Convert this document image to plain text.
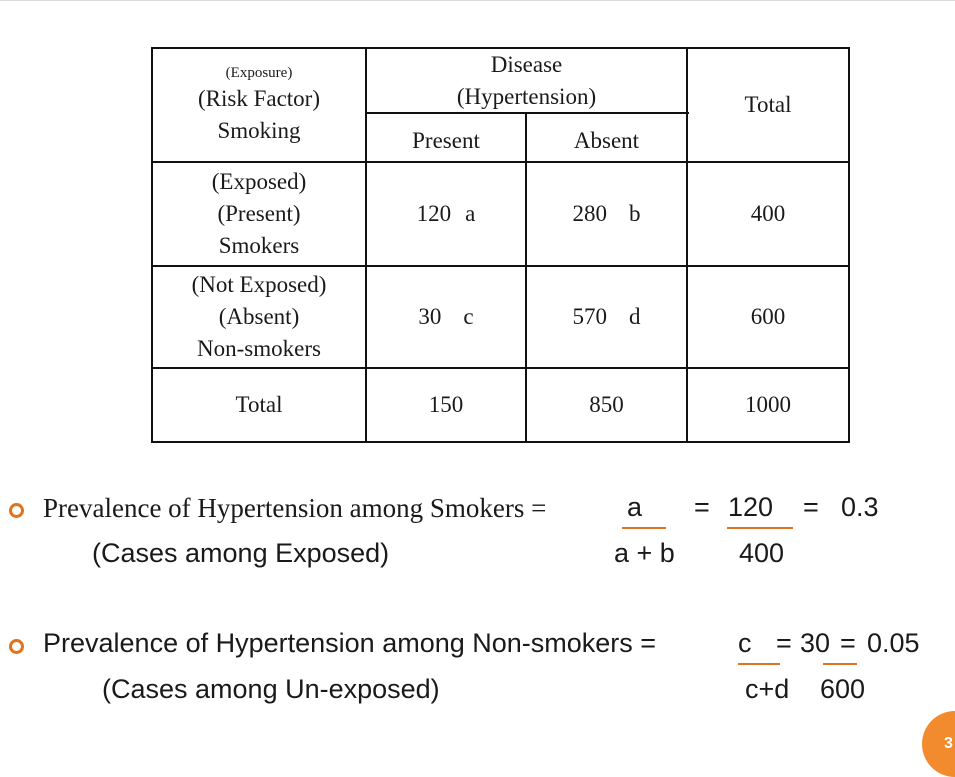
(Exposure)
(Risk Factor)
Smoking
Disease
(Hypertension)
Present	Absent
Total
(Exposed)
(Present)
Smokers
120 a	280 b	400
(Not Exposed)
(Absent)
Non-smokers
30 c	570 d	600
Total	150	850	1000
Prevalence of Hypertension among Smokers =	a = 120 = 0.3
(Cases among Exposed)	a + b 400
Prevalence of Hypertension among Non-smokers =	c = 30 = 0.05
(Cases among Un-exposed)	c+d 600
3
